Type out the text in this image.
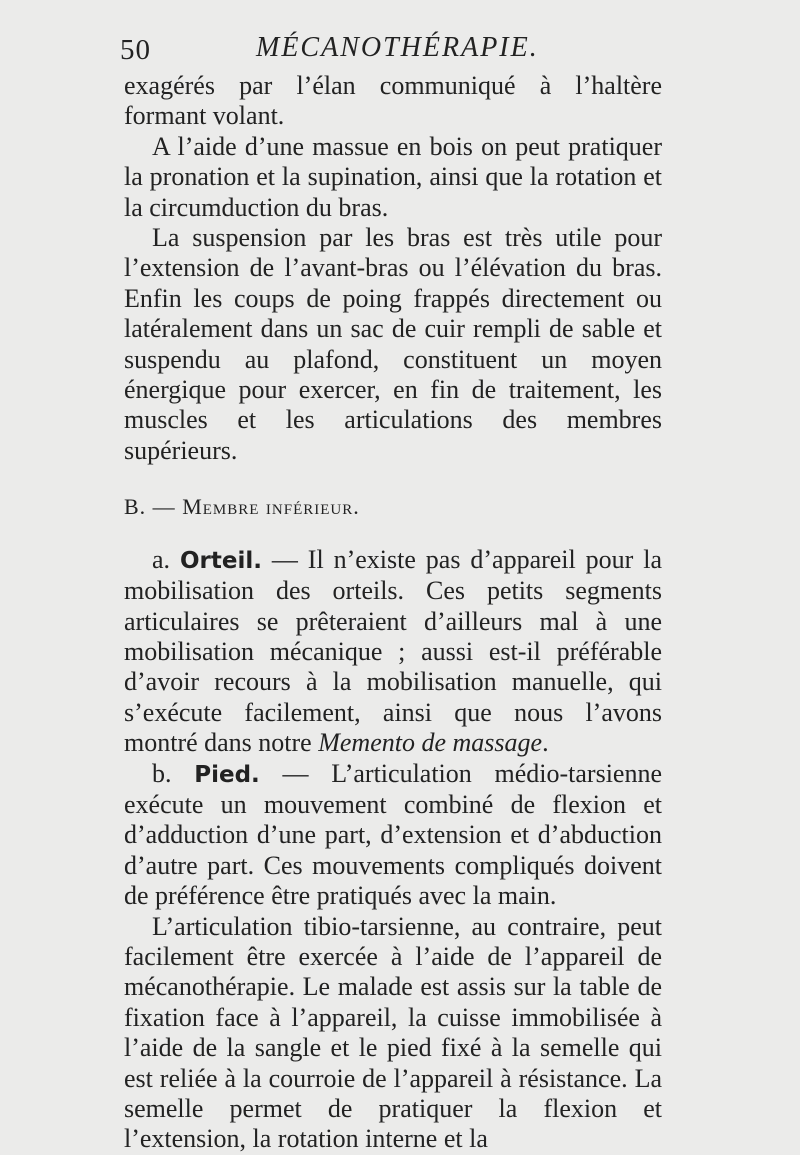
50	MÉCANOTHÉRAPIE.

exagérés par l’élan communiqué à l’haltère formant volant.

A l’aide d’une massue en bois on peut pratiquer la pronation et la supination, ainsi que la rotation et la circumduction du bras.

La suspension par les bras est très utile pour l’extension de l’avant-bras ou l’élévation du bras. Enfin les coups de poing frappés directement ou latéralement dans un sac de cuir rempli de sable et suspendu au plafond, constituent un moyen énergique pour exercer, en fin de traitement, les muscles et les articulations des membres supérieurs.

B. — Membre inférieur.

a. Orteil. — Il n’existe pas d’appareil pour la mobilisation des orteils. Ces petits segments articulaires se prêteraient d’ailleurs mal à une mobilisation mécanique ; aussi est-il préférable d’avoir recours à la mobilisation manuelle, qui s’exécute facilement, ainsi que nous l’avons montré dans notre Memento de massage.

b. Pied. — L’articulation médio-tarsienne exécute un mouvement combiné de flexion et d’adduction d’une part, d’extension et d’abduction d’autre part. Ces mouvements compliqués doivent de préférence être pratiqués avec la main.

L’articulation tibio-tarsienne, au contraire, peut facilement être exercée à l’aide de l’appareil de mécanothérapie. Le malade est assis sur la table de fixation face à l’appareil, la cuisse immobilisée à l’aide de la sangle et le pied fixé à la semelle qui est reliée à la courroie de l’appareil à résistance. La semelle permet de pratiquer la flexion et l’extension, la rotation interne et la
